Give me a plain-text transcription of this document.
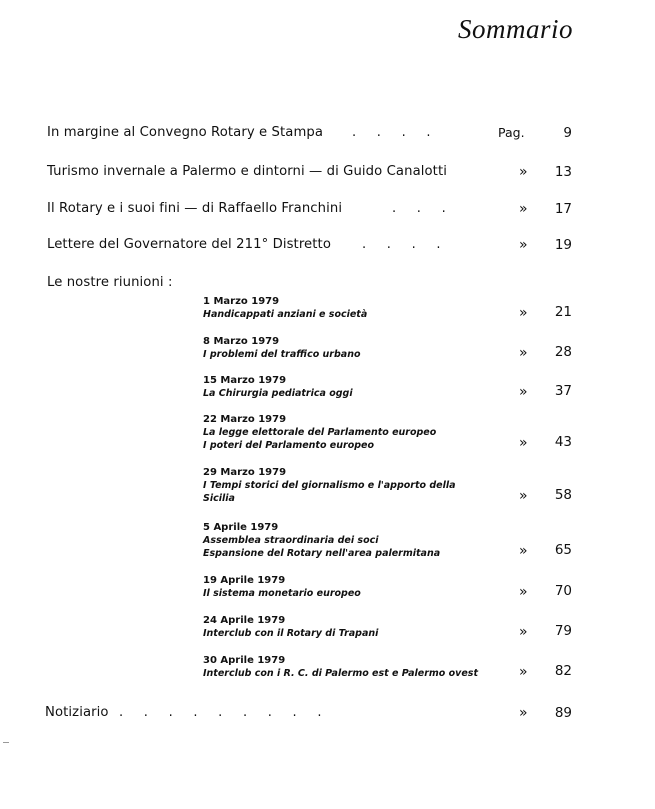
Sommario
In margine al Convegno Rotary e Stampa .     .     .     .	Pag.	9
Turismo invernale a Palermo e dintorni — di Guido Canalotti	» 13
Il Rotary e i suoi fini — di Raffaello Franchini	.     .     .	» 17
Lettere del Governatore del 211° Distretto .     .     .     .	» 19
Le nostre riunioni :
1 Marzo 1979
Handicappati anziani e società	» 21
8 Marzo 1979
I problemi del traffico urbano	» 28
15 Marzo 1979
La Chirurgia pediatrica oggi	» 37
22 Marzo 1979
La legge elettorale del Parlamento europeo
I poteri del Parlamento europeo	» 43
29 Marzo 1979
I Tempi storici del giornalismo e l'apporto della
Sicilia	» 58
5 Aprile 1979
Assemblea straordinaria dei soci
Espansione del Rotary nell'area palermitana	» 65
19 Aprile 1979
Il sistema monetario europeo	» 70
24 Aprile 1979
Interclub con il Rotary di Trapani	» 79
30 Aprile 1979
Interclub con i R. C. di Palermo est e Palermo ovest	» 82
Notiziario .     .     .     .     .     .     .     .     .	» 89
